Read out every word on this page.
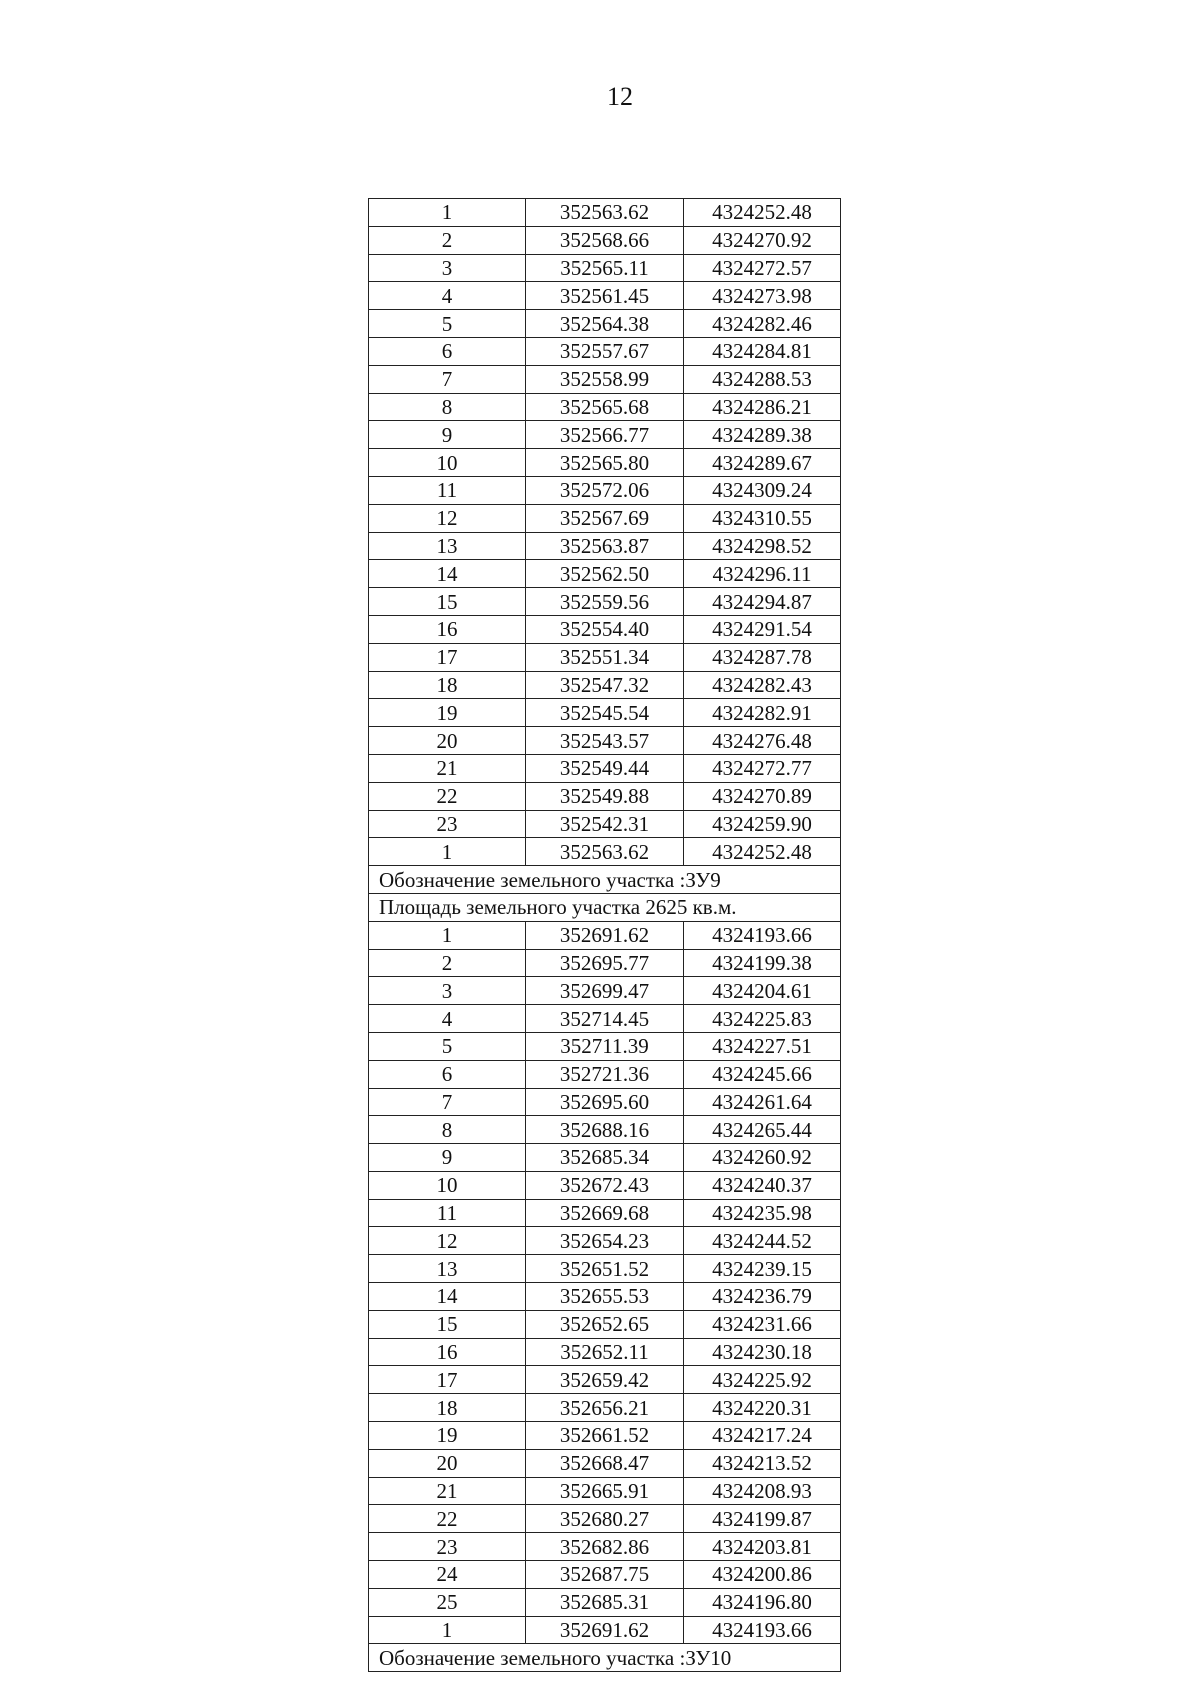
12
1	352563.62	4324252.48
2	352568.66	4324270.92
3	352565.11	4324272.57
4	352561.45	4324273.98
5	352564.38	4324282.46
6	352557.67	4324284.81
7	352558.99	4324288.53
8	352565.68	4324286.21
9	352566.77	4324289.38
10	352565.80	4324289.67
11	352572.06	4324309.24
12	352567.69	4324310.55
13	352563.87	4324298.52
14	352562.50	4324296.11
15	352559.56	4324294.87
16	352554.40	4324291.54
17	352551.34	4324287.78
18	352547.32	4324282.43
19	352545.54	4324282.91
20	352543.57	4324276.48
21	352549.44	4324272.77
22	352549.88	4324270.89
23	352542.31	4324259.90
1	352563.62	4324252.48
Обозначение земельного участка :ЗУ9		
Площадь земельного участка 2625 кв.м.		
1	352691.62	4324193.66
2	352695.77	4324199.38
3	352699.47	4324204.61
4	352714.45	4324225.83
5	352711.39	4324227.51
6	352721.36	4324245.66
7	352695.60	4324261.64
8	352688.16	4324265.44
9	352685.34	4324260.92
10	352672.43	4324240.37
11	352669.68	4324235.98
12	352654.23	4324244.52
13	352651.52	4324239.15
14	352655.53	4324236.79
15	352652.65	4324231.66
16	352652.11	4324230.18
17	352659.42	4324225.92
18	352656.21	4324220.31
19	352661.52	4324217.24
20	352668.47	4324213.52
21	352665.91	4324208.93
22	352680.27	4324199.87
23	352682.86	4324203.81
24	352687.75	4324200.86
25	352685.31	4324196.80
1	352691.62	4324193.66
Обозначение земельного участка :ЗУ10		
